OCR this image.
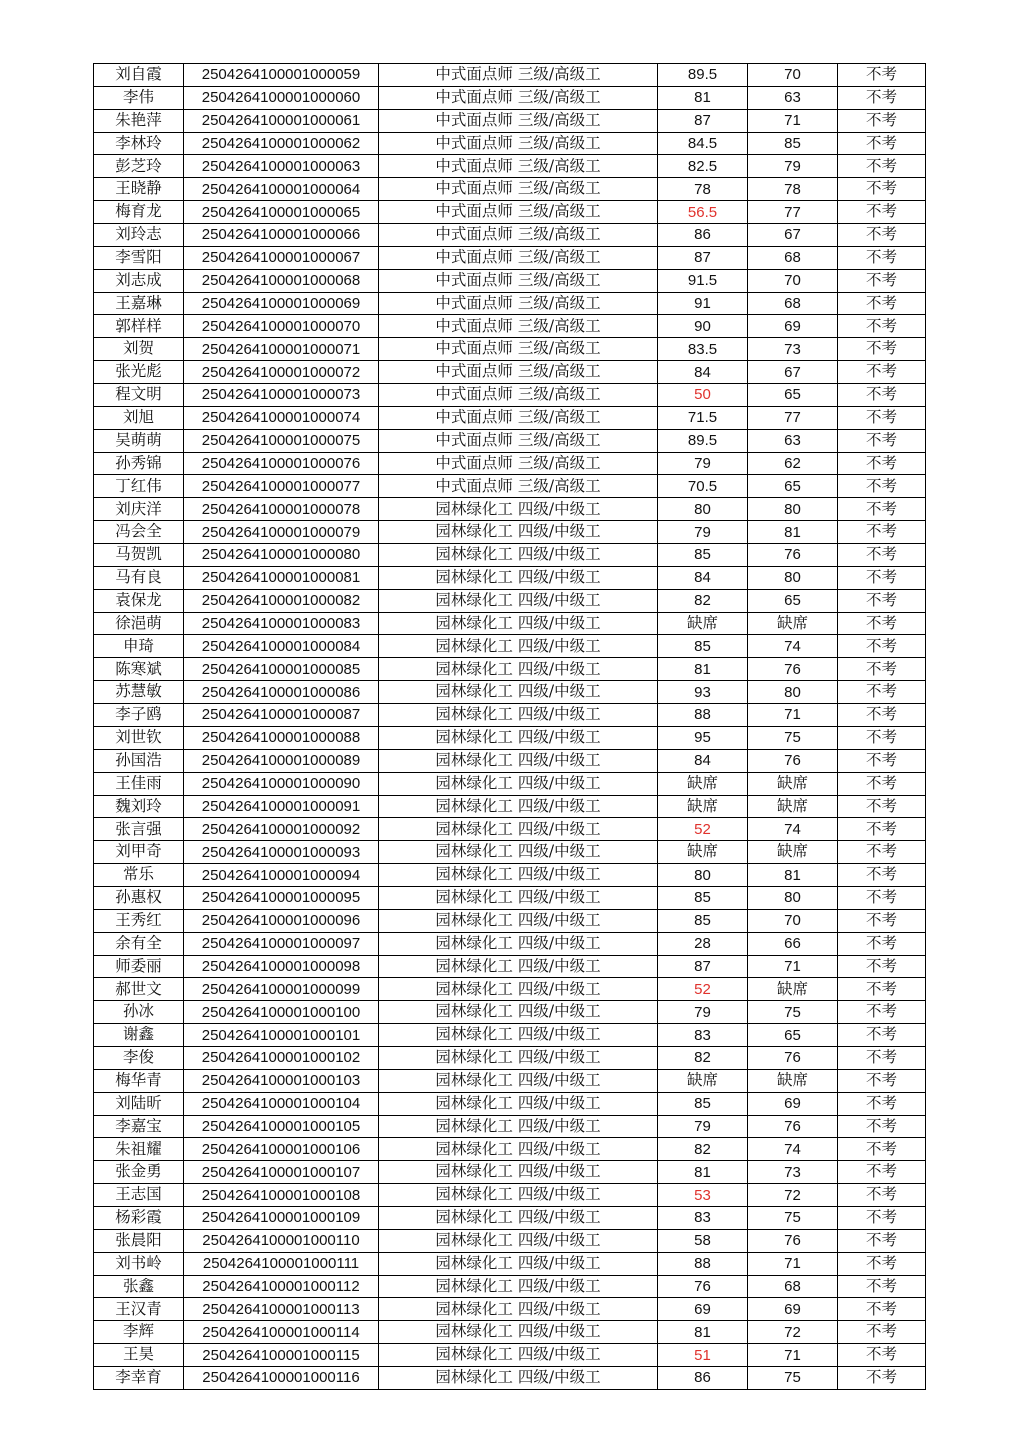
刘自霞	2504264100001000059	中式面点师 三级/高级工	89.5	70	不考
李伟	2504264100001000060	中式面点师 三级/高级工	81	63	不考
朱艳萍	2504264100001000061	中式面点师 三级/高级工	87	71	不考
李林玲	2504264100001000062	中式面点师 三级/高级工	84.5	85	不考
彭芝玲	2504264100001000063	中式面点师 三级/高级工	82.5	79	不考
王晓静	2504264100001000064	中式面点师 三级/高级工	78	78	不考
梅育龙	2504264100001000065	中式面点师 三级/高级工	56.5	77	不考
刘玲志	2504264100001000066	中式面点师 三级/高级工	86	67	不考
李雪阳	2504264100001000067	中式面点师 三级/高级工	87	68	不考
刘志成	2504264100001000068	中式面点师 三级/高级工	91.5	70	不考
王嘉琳	2504264100001000069	中式面点师 三级/高级工	91	68	不考
郭样样	2504264100001000070	中式面点师 三级/高级工	90	69	不考
刘贺	2504264100001000071	中式面点师 三级/高级工	83.5	73	不考
张光彪	2504264100001000072	中式面点师 三级/高级工	84	67	不考
程文明	2504264100001000073	中式面点师 三级/高级工	50	65	不考
刘旭	2504264100001000074	中式面点师 三级/高级工	71.5	77	不考
吴萌萌	2504264100001000075	中式面点师 三级/高级工	89.5	63	不考
孙秀锦	2504264100001000076	中式面点师 三级/高级工	79	62	不考
丁红伟	2504264100001000077	中式面点师 三级/高级工	70.5	65	不考
刘庆洋	2504264100001000078	园林绿化工 四级/中级工	80	80	不考
冯会全	2504264100001000079	园林绿化工 四级/中级工	79	81	不考
马贺凯	2504264100001000080	园林绿化工 四级/中级工	85	76	不考
马有良	2504264100001000081	园林绿化工 四级/中级工	84	80	不考
袁保龙	2504264100001000082	园林绿化工 四级/中级工	82	65	不考
徐浥萌	2504264100001000083	园林绿化工 四级/中级工	缺席	缺席	不考
申琦	2504264100001000084	园林绿化工 四级/中级工	85	74	不考
陈寒斌	2504264100001000085	园林绿化工 四级/中级工	81	76	不考
苏慧敏	2504264100001000086	园林绿化工 四级/中级工	93	80	不考
李子鸥	2504264100001000087	园林绿化工 四级/中级工	88	71	不考
刘世钦	2504264100001000088	园林绿化工 四级/中级工	95	75	不考
孙国浩	2504264100001000089	园林绿化工 四级/中级工	84	76	不考
王佳雨	2504264100001000090	园林绿化工 四级/中级工	缺席	缺席	不考
魏刘玲	2504264100001000091	园林绿化工 四级/中级工	缺席	缺席	不考
张言强	2504264100001000092	园林绿化工 四级/中级工	52	74	不考
刘甲奇	2504264100001000093	园林绿化工 四级/中级工	缺席	缺席	不考
常乐	2504264100001000094	园林绿化工 四级/中级工	80	81	不考
孙惠权	2504264100001000095	园林绿化工 四级/中级工	85	80	不考
王秀红	2504264100001000096	园林绿化工 四级/中级工	85	70	不考
余有全	2504264100001000097	园林绿化工 四级/中级工	28	66	不考
师委丽	2504264100001000098	园林绿化工 四级/中级工	87	71	不考
郝世文	2504264100001000099	园林绿化工 四级/中级工	52	缺席	不考
孙冰	2504264100001000100	园林绿化工 四级/中级工	79	75	不考
谢鑫	2504264100001000101	园林绿化工 四级/中级工	83	65	不考
李俊	2504264100001000102	园林绿化工 四级/中级工	82	76	不考
梅华青	2504264100001000103	园林绿化工 四级/中级工	缺席	缺席	不考
刘陆昕	2504264100001000104	园林绿化工 四级/中级工	85	69	不考
李嘉宝	2504264100001000105	园林绿化工 四级/中级工	79	76	不考
朱祖耀	2504264100001000106	园林绿化工 四级/中级工	82	74	不考
张金勇	2504264100001000107	园林绿化工 四级/中级工	81	73	不考
王志国	2504264100001000108	园林绿化工 四级/中级工	53	72	不考
杨彩霞	2504264100001000109	园林绿化工 四级/中级工	83	75	不考
张晨阳	2504264100001000110	园林绿化工 四级/中级工	58	76	不考
刘书岭	2504264100001000111	园林绿化工 四级/中级工	88	71	不考
张鑫	2504264100001000112	园林绿化工 四级/中级工	76	68	不考
王汉青	2504264100001000113	园林绿化工 四级/中级工	69	69	不考
李辉	2504264100001000114	园林绿化工 四级/中级工	81	72	不考
王昊	2504264100001000115	园林绿化工 四级/中级工	51	71	不考
李幸育	2504264100001000116	园林绿化工 四级/中级工	86	75	不考
